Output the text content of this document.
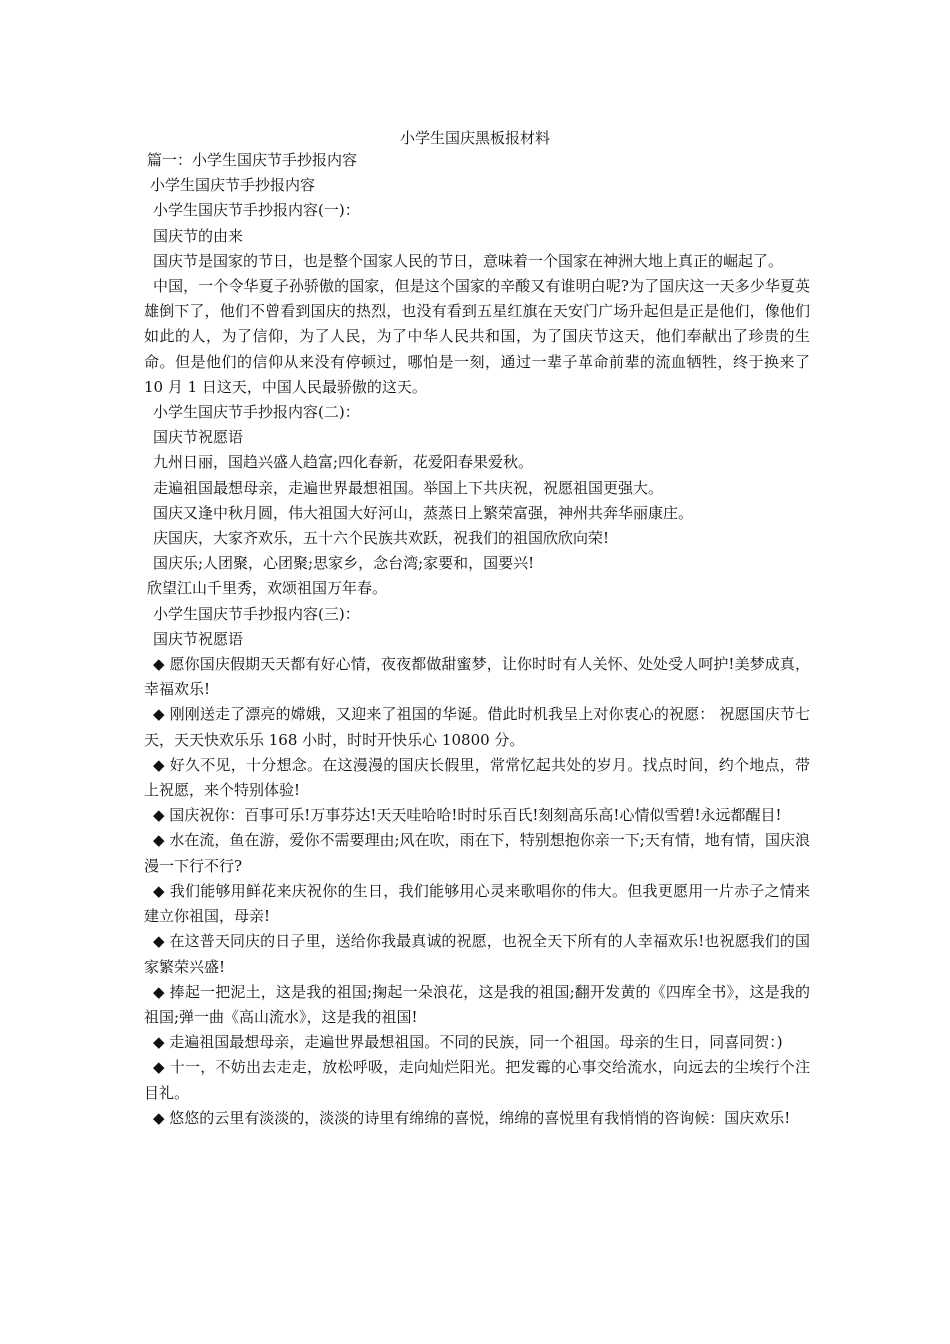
小学生国庆黑板报材料

篇一：小学生国庆节手抄报内容

小学生国庆节手抄报内容

小学生国庆节手抄报内容(一)：

国庆节的由来

国庆节是国家的节日，也是整个国家人民的节日，意味着一个国家在神洲大地上真正的崛起了。

中国，一个令华夏子孙骄傲的国家，但是这个国家的辛酸又有谁明白呢?为了国庆这一天多少华夏英雄倒下了，他们不曾看到国庆的热烈，也没有看到五星红旗在天安门广场升起但是正是他们，像他们如此的人，为了信仰，为了人民，为了中华人民共和国，为了国庆节这天，他们奉献出了珍贵的生命。但是他们的信仰从来没有停顿过，哪怕是一刻，通过一辈子革命前辈的流血牺牲，终于换来了 10 月 1 日这天，中国人民最骄傲的这天。

小学生国庆节手抄报内容(二)：

国庆节祝愿语

九州日丽，国趋兴盛人趋富;四化春新，花爱阳春果爱秋。

走遍祖国最想母亲，走遍世界最想祖国。举国上下共庆祝，祝愿祖国更强大。

国庆又逢中秋月圆，伟大祖国大好河山，蒸蒸日上繁荣富强，神州共奔华丽康庄。

庆国庆，大家齐欢乐，五十六个民族共欢跃，祝我们的祖国欣欣向荣!

国庆乐;人团聚，心团聚;思家乡，念台湾;家要和，国要兴!

欣望江山千里秀，欢颂祖国万年春。

小学生国庆节手抄报内容(三)：

国庆节祝愿语

◆ 愿你国庆假期天天都有好心情，夜夜都做甜蜜梦，让你时时有人关怀、处处受人呵护!美梦成真，幸福欢乐!

◆ 刚刚送走了漂亮的嫦娥，又迎来了祖国的华诞。借此时机我呈上对你衷心的祝愿： 祝愿国庆节七天，天天快欢乐乐 168 小时，时时开快乐心 10800 分。

◆ 好久不见，十分想念。在这漫漫的国庆长假里，常常忆起共处的岁月。找点时间，约个地点，带上祝愿，来个特别体验!

◆ 国庆祝你：百事可乐!万事芬达!天天哇哈哈!时时乐百氏!刻刻高乐高!心情似雪碧!永远都醒目!

◆ 水在流，鱼在游，爱你不需要理由;风在吹，雨在下，特别想抱你亲一下;天有情，地有情，国庆浪漫一下行不行?

◆ 我们能够用鲜花来庆祝你的生日，我们能够用心灵来歌唱你的伟大。但我更愿用一片赤子之情来建立你祖国，母亲!

◆ 在这普天同庆的日子里，送给你我最真诚的祝愿，也祝全天下所有的人幸福欢乐!也祝愿我们的国家繁荣兴盛!

◆ 捧起一把泥土，这是我的祖国;掬起一朵浪花，这是我的祖国;翻开发黄的《四库全书》，这是我的祖国;弹一曲《高山流水》，这是我的祖国!

◆ 走遍祖国最想母亲，走遍世界最想祖国。不同的民族，同一个祖国。母亲的生日，同喜同贺：)

◆ 十一，不妨出去走走，放松呼吸，走向灿烂阳光。把发霉的心事交给流水，向远去的尘埃行个注目礼。

◆ 悠悠的云里有淡淡的，淡淡的诗里有绵绵的喜悦，绵绵的喜悦里有我悄悄的咨询候：国庆欢乐!
